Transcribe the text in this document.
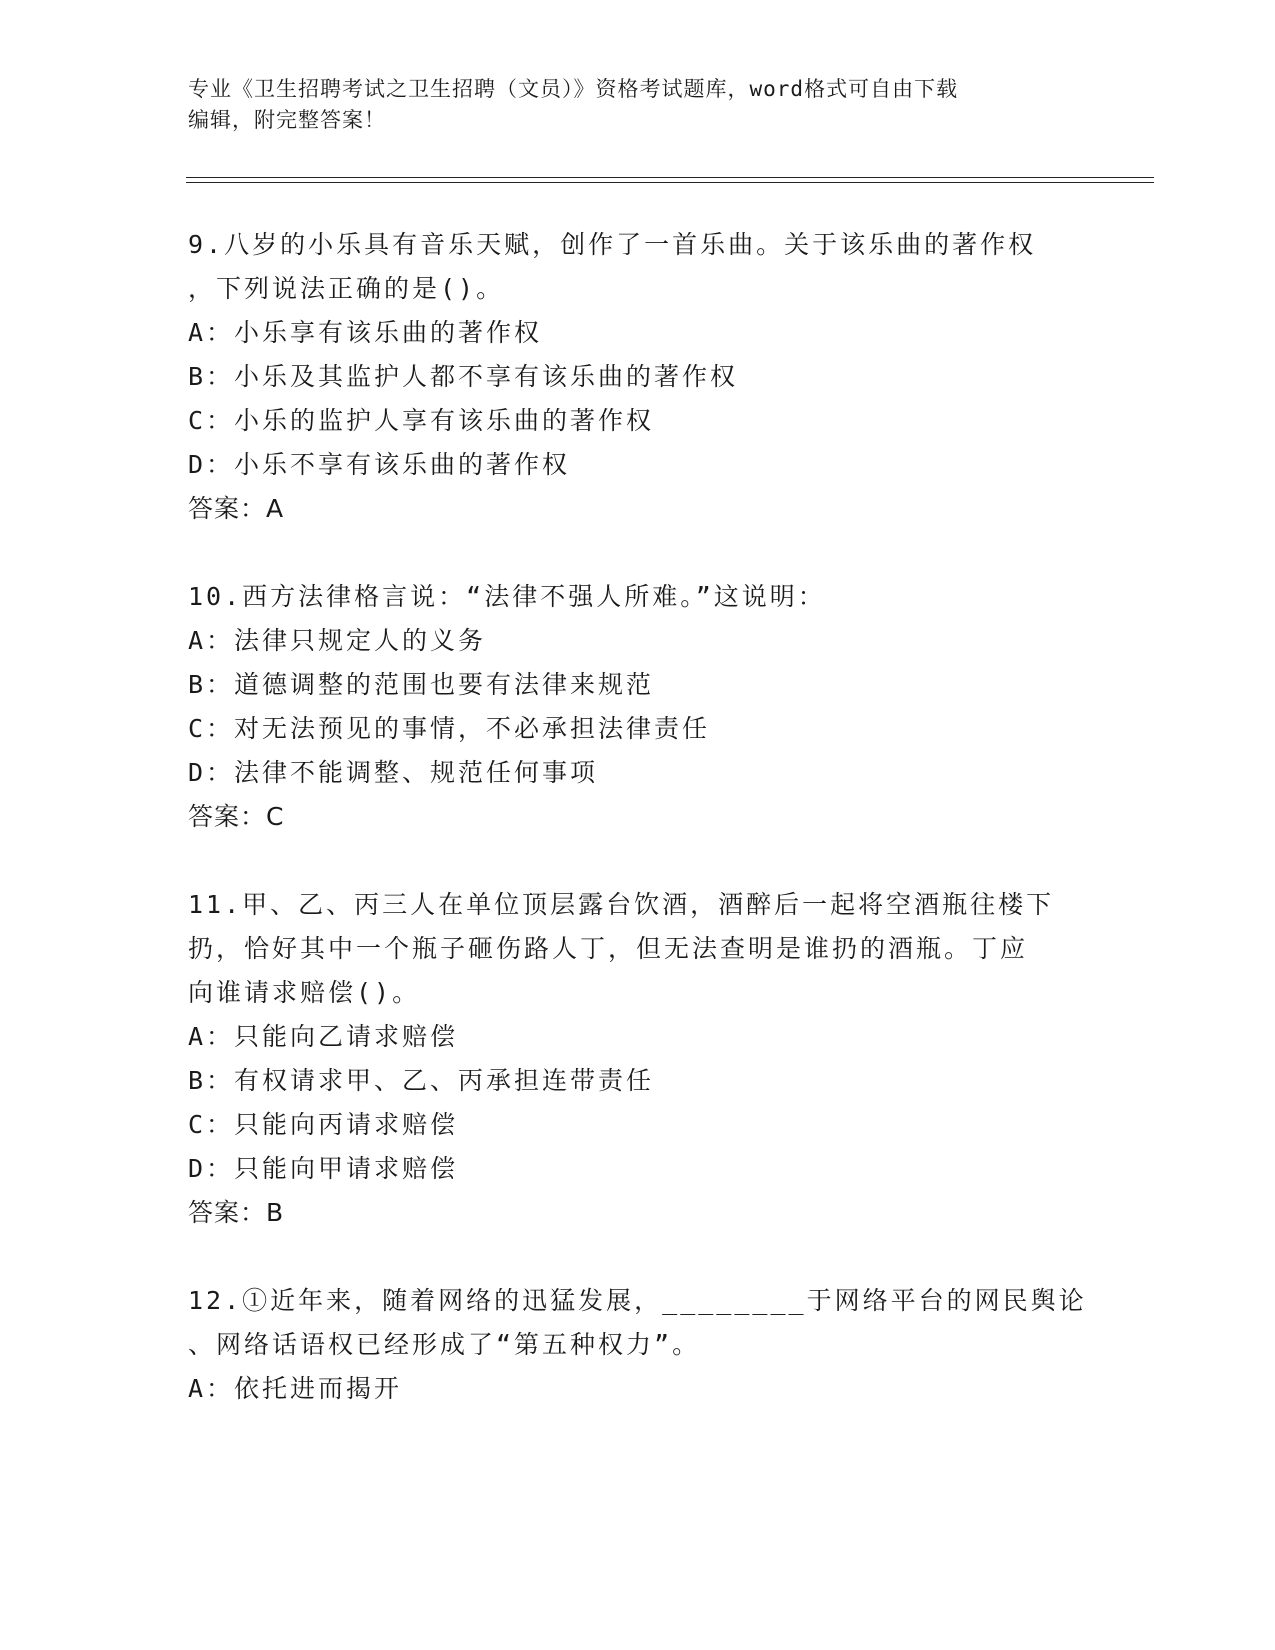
专业《卫生招聘考试之卫生招聘（文员）》资格考试题库，word格式可自由下载
编辑，附完整答案！
9.八岁的小乐具有音乐天赋，创作了一首乐曲。关于该乐曲的著作权
，下列说法正确的是()。
A：小乐享有该乐曲的著作权
B：小乐及其监护人都不享有该乐曲的著作权
C：小乐的监护人享有该乐曲的著作权
D：小乐不享有该乐曲的著作权
答案：A
10.西方法律格言说：“法律不强人所难。”这说明：
A：法律只规定人的义务
B：道德调整的范围也要有法律来规范
C：对无法预见的事情，不必承担法律责任
D：法律不能调整、规范任何事项
答案：C
11.甲、乙、丙三人在单位顶层露台饮酒，酒醉后一起将空酒瓶往楼下
扔，恰好其中一个瓶子砸伤路人丁，但无法查明是谁扔的酒瓶。丁应
向谁请求赔偿()。
A：只能向乙请求赔偿
B：有权请求甲、乙、丙承担连带责任
C：只能向丙请求赔偿
D：只能向甲请求赔偿
答案：B
12.①近年来，随着网络的迅猛发展，________于网络平台的网民舆论
、网络话语权已经形成了“第五种权力”。
A：依托进而揭开
